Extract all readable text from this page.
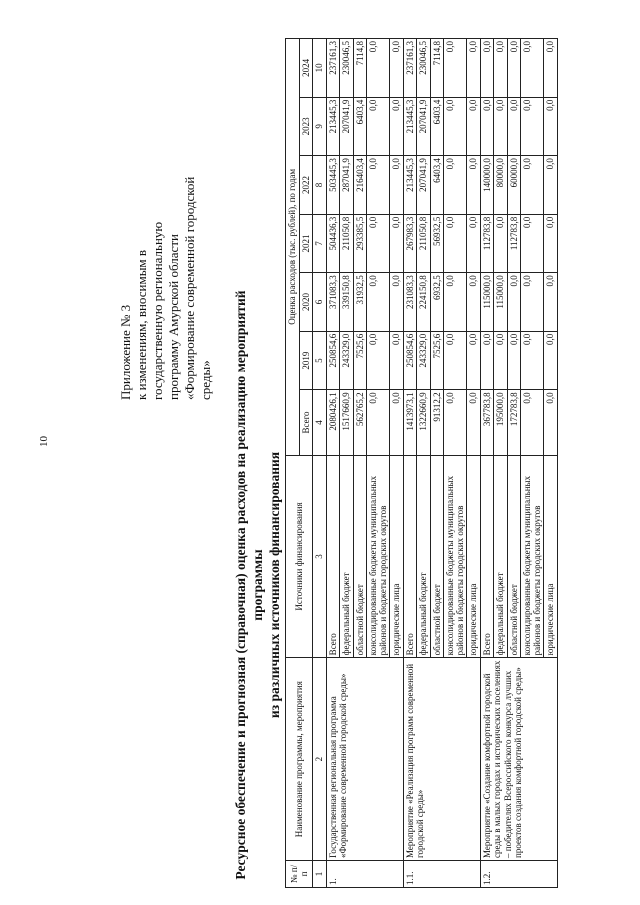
10
Приложение № 3 к изменениям, вносимым в государственную региональную программу Амурской области «Формирование современной городской среды» Ресурсное обеспечение и прогнозная (справочная) оценка расходов на реализацию мероприятий программы из различных источников финансирования
№ п/п	Наименование программы, мероприятия	Источники финансирования	Оценка расходов (тыс. рублей), по годам						
			Всего	2019	2020	2021	2022	2023	2024
1	2	3	4	5	6	7	8	9	10
1.	Государственная региональная программа «Формирование современной городской среды»	Всего	2080426,1	250854,6	371083,3	504436,3	503445,3	213445,3	237161,3
		федеральный бюджет	1517660,9	243329,0	339150,8	211050,8	287041,9	207041,9	230046,5
		областной бюджет	562765,2	7525,6	31932,5	293385,5	216403,4	6403,4	7114,8
		консолидированные бюджеты муниципальных районов и бюджеты городских округов	0,0	0,0	0,0	0,0	0,0	0,0	0,0
		юридические лица	0,0	0,0	0,0	0,0	0,0	0,0	0,0
1.1.	Мероприятие «Реализация программ современной городской среды»	Всего	1413973,1	250854,6	231083,3	267983,3	213445,3	213445,3	237161,3
		федеральный бюджет	1322660,9	243329,0	224150,8	211050,8	207041,9	207041,9	230046,5
		областной бюджет	91312,2	7525,6	6932,5	56932,5	6403,4	6403,4	7114,8
		консолидированные бюджеты муниципальных районов и бюджеты городских округов	0,0	0,0	0,0	0,0	0,0	0,0	0,0
		юридические лица	0,0	0,0	0,0	0,0	0,0	0,0	0,0
1.2.	Мероприятие «Создание комфортной городской среды в малых городах и исторических поселениях – победителях Всероссийского конкурса лучших проектов создания комфортной городской среды»	Всего	367783,8	0,0	115000,0	112783,8	140000,0	0,0	0,0
		федеральный бюджет	195000,0	0,0	115000,0	0,0	80000,0	0,0	0,0
		областной бюджет	172783,8	0,0	0,0	112783,8	60000,0	0,0	0,0
		консолидированные бюджеты муниципальных районов и бюджеты городских округов	0,0	0,0	0,0	0,0	0,0	0,0	0,0
		юридические лица	0,0	0,0	0,0	0,0	0,0	0,0	0,0
